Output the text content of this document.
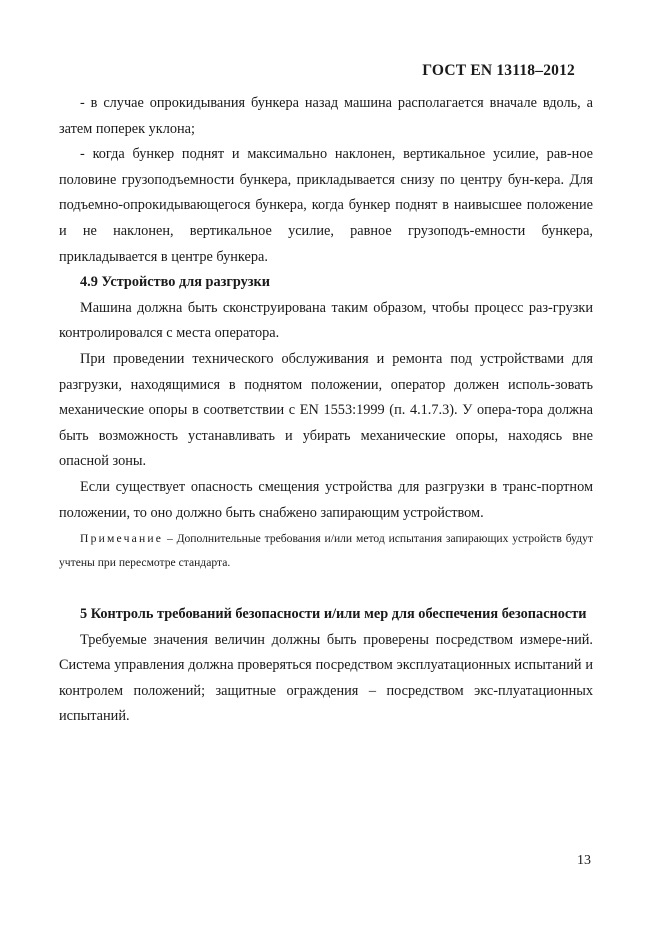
ГОСТ EN 13118–2012

- в случае опрокидывания бункера назад машина располагается вначале вдоль, а затем поперек уклона;

- когда бункер поднят и максимально наклонен, вертикальное усилие, рав-ное половине грузоподъемности бункера, прикладывается снизу по центру бун-кера. Для подъемно-опрокидывающегося бункера, когда бункер поднят в наивысшее положение и не наклонен, вертикальное усилие, равное грузоподъ-емности бункера, прикладывается в центре бункера.

4.9 Устройство для разгрузки

Машина должна быть сконструирована таким образом, чтобы процесс раз-грузки контролировался с места оператора.

При проведении технического обслуживания и ремонта под устройствами для разгрузки, находящимися в поднятом положении, оператор должен исполь-зовать механические опоры в соответствии с EN 1553:1999 (п. 4.1.7.3). У опера-тора должна быть возможность устанавливать и убирать механические опоры, находясь вне опасной зоны.

Если существует опасность смещения устройства для разгрузки в транс-портном положении, то оно должно быть снабжено запирающим устройством.

Примечание – Дополнительные требования и/или метод испытания запирающих устройств будут учтены при пересмотре стандарта.

5 Контроль требований безопасности и/или мер для обеспечения безопасности

Требуемые значения величин должны быть проверены посредством измере-ний. Система управления должна проверяться посредством эксплуатационных испытаний и контролем положений; защитные ограждения – посредством экс-плуатационных испытаний.

13
